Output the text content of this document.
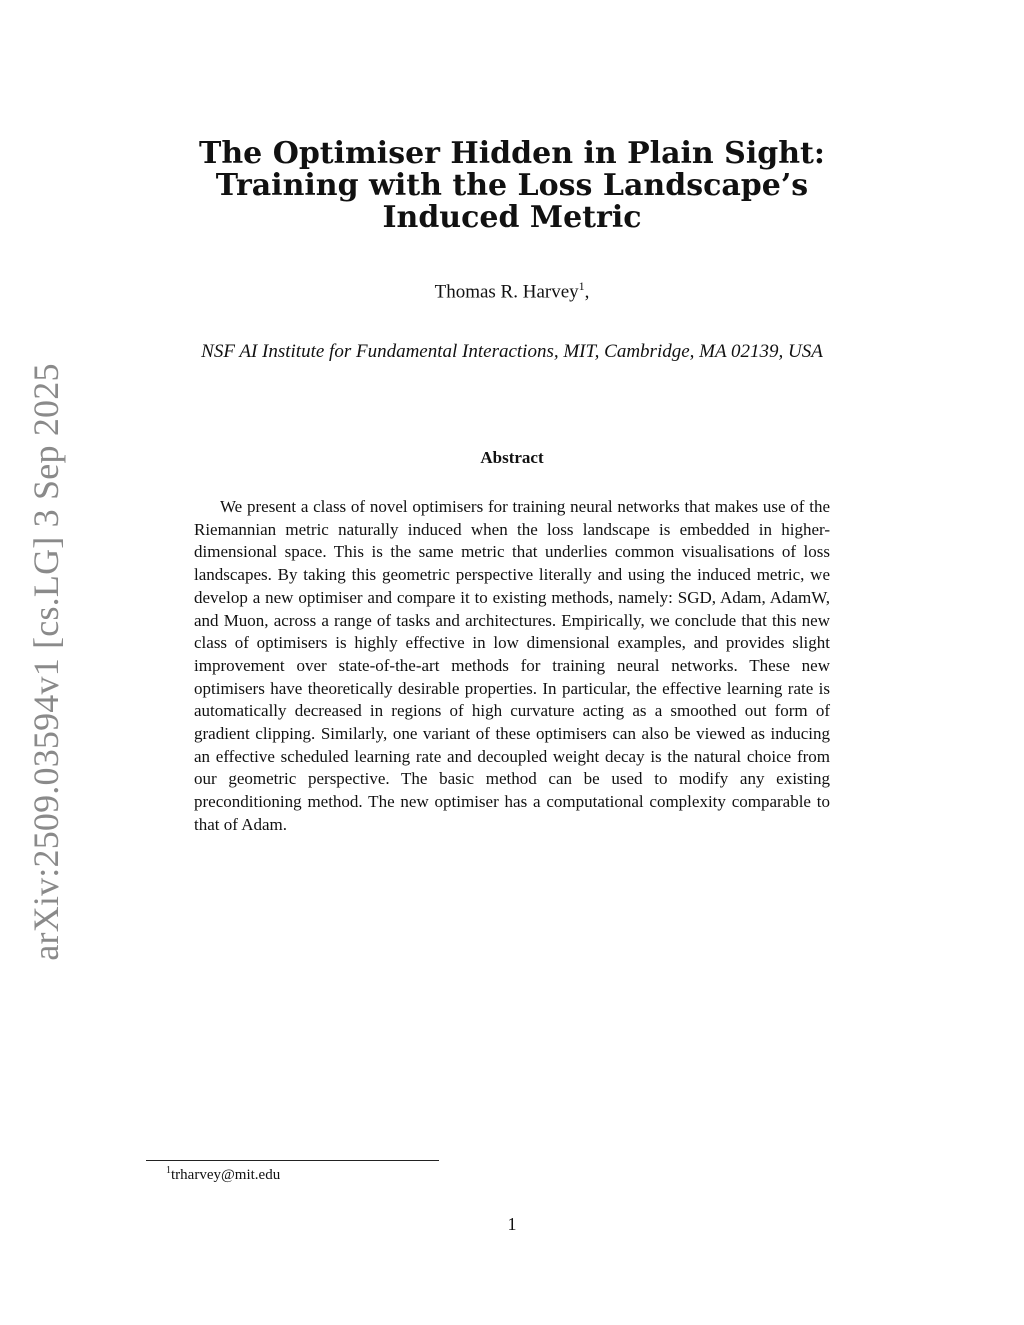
arXiv:2509.03594v1 [cs.LG] 3 Sep 2025
The Optimiser Hidden in Plain Sight:
Training with the Loss Landscape’s
Induced Metric
Thomas R. Harvey$^1$,
NSF AI Institute for Fundamental Interactions, MIT, Cambridge, MA 02139, USA
Abstract

We present a class of novel optimisers for training neural networks that makes use of the Riemannian metric naturally induced when the loss landscape is embedded in higher-dimensional space. This is the same metric that underlies common visualisations of loss landscapes. By taking this geometric perspective literally and using the induced metric, we develop a new optimiser and compare it to existing methods, namely: SGD, Adam, AdamW, and Muon, across a range of tasks and architectures. Empirically, we conclude that this new class of optimisers is highly effective in low dimensional examples, and provides slight improvement over state-of-the-art methods for training neural networks. These new optimisers have theoretically desirable properties. In particular, the effective learning rate is automatically decreased in regions of high curvature acting as a smoothed out form of gradient clipping. Similarly, one variant of these optimisers can also be viewed as inducing an effective scheduled learning rate and decoupled weight decay is the natural choice from our geometric perspective. The basic method can be used to modify any existing preconditioning method. The new optimiser has a computational complexity comparable to that of Adam.

$^1$trharvey@mit.edu
1
